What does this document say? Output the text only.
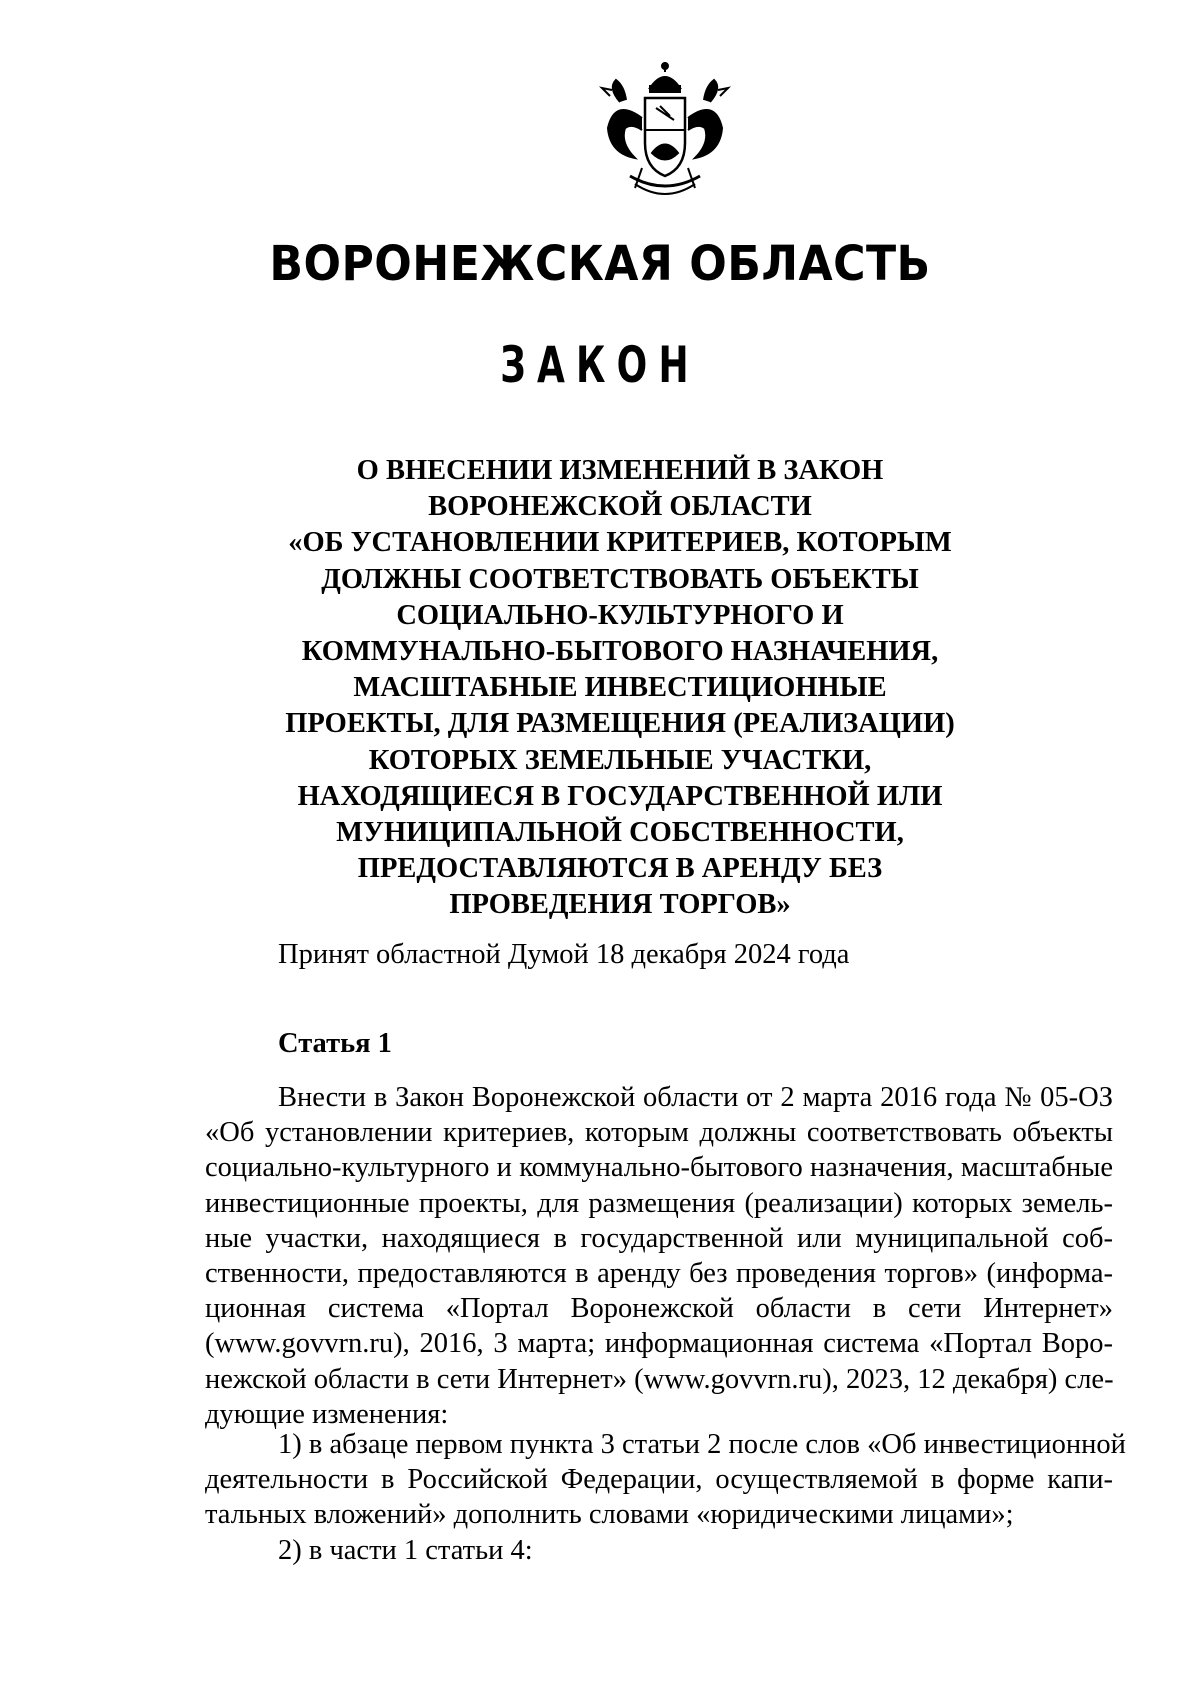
ВОРОНЕЖСКАЯ ОБЛАСТЬ
ЗАКОН
О ВНЕСЕНИИ ИЗМЕНЕНИЙ В ЗАКОН
ВОРОНЕЖСКОЙ ОБЛАСТИ
«ОБ УСТАНОВЛЕНИИ КРИТЕРИЕВ, КОТОРЫМ
ДОЛЖНЫ СООТВЕТСТВОВАТЬ ОБЪЕКТЫ
СОЦИАЛЬНО-КУЛЬТУРНОГО И
КОММУНАЛЬНО-БЫТОВОГО НАЗНАЧЕНИЯ,
МАСШТАБНЫЕ ИНВЕСТИЦИОННЫЕ
ПРОЕКТЫ, ДЛЯ РАЗМЕЩЕНИЯ (РЕАЛИЗАЦИИ)
КОТОРЫХ ЗЕМЕЛЬНЫЕ УЧАСТКИ,
НАХОДЯЩИЕСЯ В ГОСУДАРСТВЕННОЙ ИЛИ
МУНИЦИПАЛЬНОЙ СОБСТВЕННОСТИ,
ПРЕДОСТАВЛЯЮТСЯ В АРЕНДУ БЕЗ
ПРОВЕДЕНИЯ ТОРГОВ»
Принят областной Думой 18 декабря 2024 года
Статья 1
Внести в Закон Воронежской области от 2 марта 2016 года № 05-ОЗ
«Об установлении критериев, которым должны соответствовать объекты
социально-культурного и коммунально-бытового назначения, масштабные
инвестиционные проекты, для размещения (реализации) которых земель-
ные участки, находящиеся в государственной или муниципальной соб-
ственности, предоставляются в аренду без проведения торгов» (информа-
ционная система «Портал Воронежской области в сети Интернет»
(www.govvrn.ru), 2016, 3 марта; информационная система «Портал Воро-
нежской области в сети Интернет» (www.govvrn.ru), 2023, 12 декабря) сле-
дующие изменения:
1) в абзаце первом пункта 3 статьи 2 после слов «Об инвестиционной
деятельности в Российской Федерации, осуществляемой в форме капи-
тальных вложений» дополнить словами «юридическими лицами»;
2) в части 1 статьи 4:
